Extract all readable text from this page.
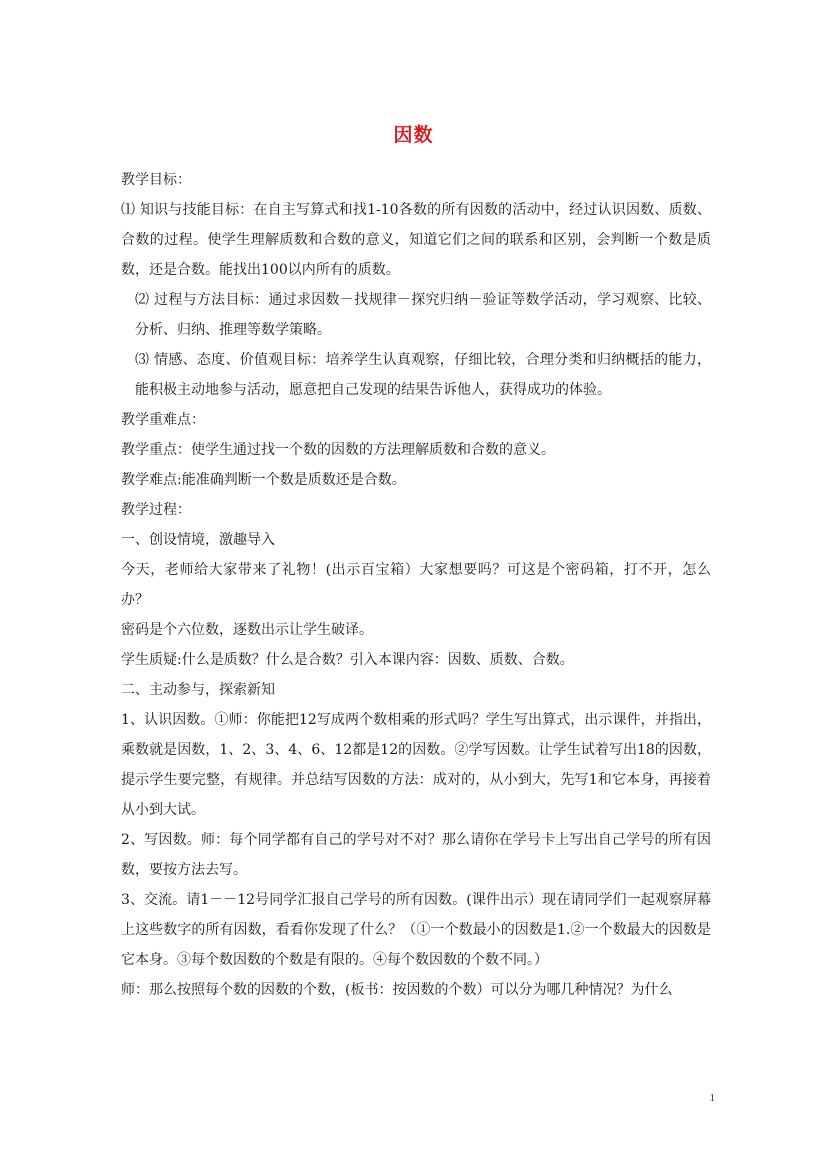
因数

教学目标：

⑴ 知识与技能目标：在自主写算式和找1-10各数的所有因数的活动中，经过认识因数、质数、合数的过程。使学生理解质数和合数的意义，知道它们之间的联系和区别，会判断一个数是质数，还是合数。能找出100以内所有的质数。

⑵ 过程与方法目标：通过求因数－找规律－探究归纳－验证等数学活动，学习观察、比较、分析、归纳、推理等数学策略。

⑶ 情感、态度、价值观目标：培养学生认真观察，仔细比较，合理分类和归纳概括的能力，能积极主动地参与活动，愿意把自己发现的结果告诉他人，获得成功的体验。

教学重难点：

教学重点：使学生通过找一个数的因数的方法理解质数和合数的意义。

教学难点:能准确判断一个数是质数还是合数。

教学过程：

一、创设情境，激趣导入

今天，老师给大家带来了礼物！(出示百宝箱）大家想要吗？可这是个密码箱，打不开，怎么办？

密码是个六位数，逐数出示让学生破译。

学生质疑:什么是质数？什么是合数？引入本课内容：因数、质数、合数。

二、主动参与，探索新知

1、认识因数。①师：你能把12写成两个数相乘的形式吗？学生写出算式，出示课件，并指出，乘数就是因数，1、2、3、4、6、12都是12的因数。②学写因数。让学生试着写出18的因数，提示学生要完整，有规律。并总结写因数的方法：成对的，从小到大，先写1和它本身，再接着从小到大试。

2、写因数。师：每个同学都有自己的学号对不对？那么请你在学号卡上写出自己学号的所有因数，要按方法去写。

3、交流。请1－－12号同学汇报自己学号的所有因数。(课件出示）现在请同学们一起观察屏幕上这些数字的所有因数，看看你发现了什么？（①一个数最小的因数是1.②一个数最大的因数是它本身。③每个数因数的个数是有限的。④每个数因数的个数不同。）

师：那么按照每个数的因数的个数，(板书：按因数的个数）可以分为哪几种情况？为什么

1
